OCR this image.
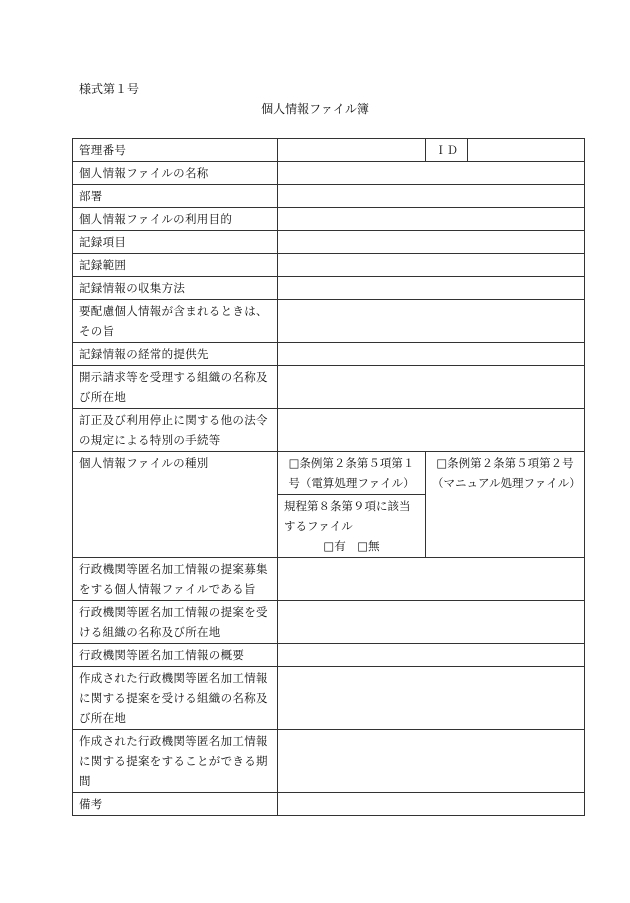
様式第１号
個人情報ファイル簿
管理番号		ＩＤ	
個人情報ファイルの名称			
部署			
個人情報ファイルの利用目的			
記録項目			
記録範囲			
記録情報の収集方法			
要配慮個人情報が含まれるときは、その旨			
記録情報の経常的提供先			
開示請求等を受理する組織の名称及び所在地			
訂正及び利用停止に関する他の法令の規定による特別の手続等			
個人情報ファイルの種別	□条例第２条第５項第１号（電算処理ファイル）	□条例第２条第５項第２号（マニュアル処理ファイル）	

	規程第８条第９項に該当するファイル
□有　□無		

行政機関等匿名加工情報の提案募集をする個人情報ファイルである旨			
行政機関等匿名加工情報の提案を受ける組織の名称及び所在地			
行政機関等匿名加工情報の概要			
作成された行政機関等匿名加工情報に関する提案を受ける組織の名称及び所在地			
作成された行政機関等匿名加工情報に関する提案をすることができる期間			
備考			
